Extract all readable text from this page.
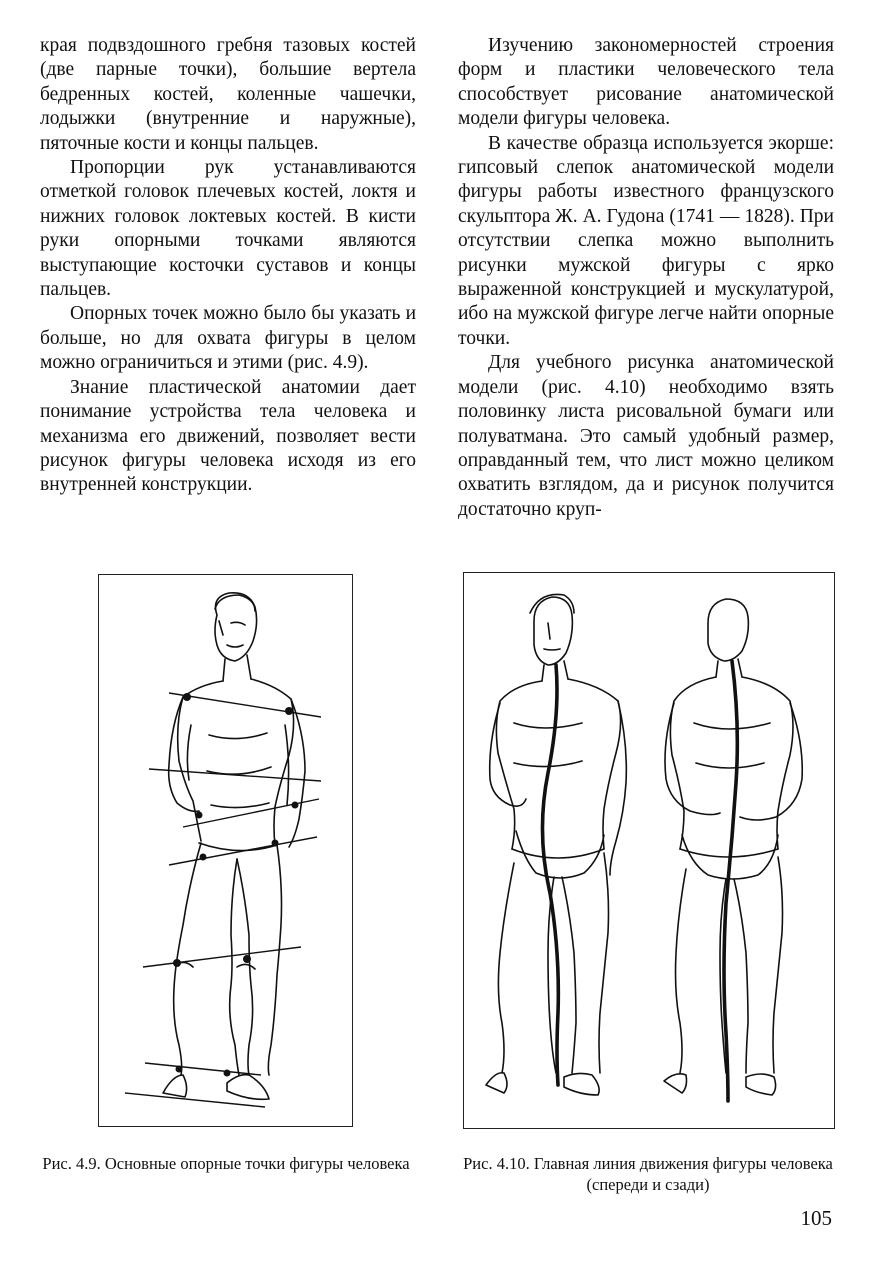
края подвздошного гребня тазовых костей (две парные точки), большие вертела бедренных костей, коленные чашечки, лодыжки (внутренние и наружные), пяточные кости и концы пальцев.

Пропорции рук устанавливаются отметкой головок плечевых костей, локтя и нижних головок локтевых костей. В кисти руки опорными точками являются выступающие косточки суставов и концы пальцев.

Опорных точек можно было бы указать и больше, но для охвата фигуры в целом можно ограничиться и этими (рис. 4.9).

Знание пластической анатомии дает понимание устройства тела человека и механизма его движений, позволяет вести рисунок фигуры человека исходя из его внутренней конструкции.

Изучению закономерностей строения форм и пластики человеческого тела способствует рисование анатомической модели фигуры человека.

В качестве образца используется экорше: гипсовый слепок анатомической модели фигуры работы известного французского скульптора Ж. А. Гудона (1741 — 1828). При отсутствии слепка можно выполнить рисунки мужской фигуры с ярко выраженной конструкцией и мускулатурой, ибо на мужской фигуре легче найти опорные точки.

Для учебного рисунка анатомической модели (рис. 4.10) необходимо взять половинку листа рисовальной бумаги или полуватмана. Это самый удобный размер, оправданный тем, что лист можно целиком охватить взглядом, да и рисунок получится достаточно круп-

Рис. 4.9. Основные опорные точки фигуры человека	Рис. 4.10. Главная линия движения фигуры человека (спереди и сзади)
105
